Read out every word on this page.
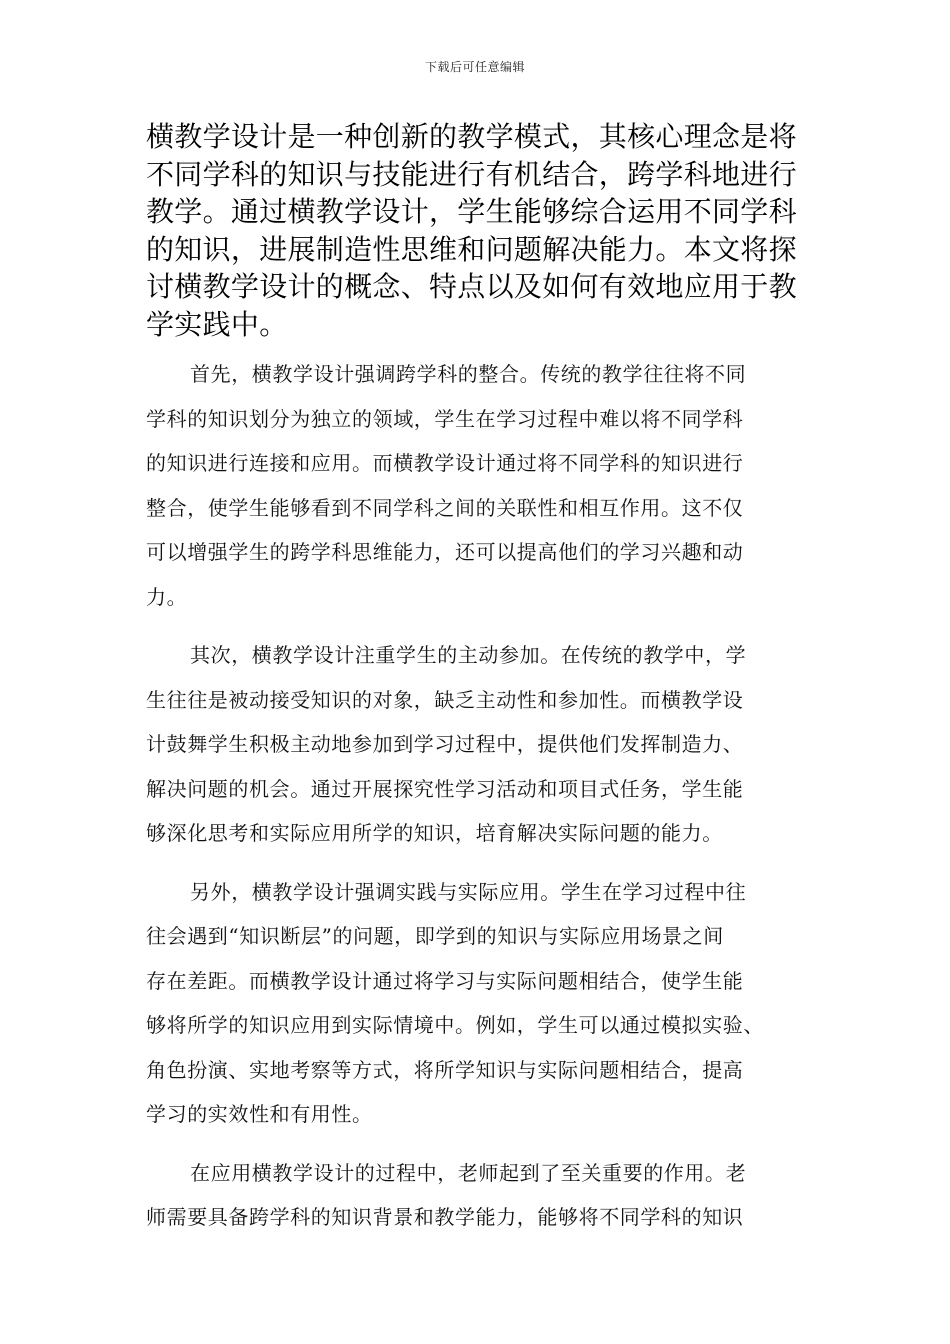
下载后可任意编辑
横教学设计是一种创新的教学模式，其核心理念是将
不同学科的知识与技能进行有机结合，跨学科地进行
教学。通过横教学设计，学生能够综合运用不同学科
的知识，进展制造性思维和问题解决能力。本文将探
讨横教学设计的概念、特点以及如何有效地应用于教
学实践中。
首先，横教学设计强调跨学科的整合。传统的教学往往将不同
学科的知识划分为独立的领域，学生在学习过程中难以将不同学科
的知识进行连接和应用。而横教学设计通过将不同学科的知识进行
整合，使学生能够看到不同学科之间的关联性和相互作用。这不仅
可以增强学生的跨学科思维能力，还可以提高他们的学习兴趣和动
力。
其次，横教学设计注重学生的主动参加。在传统的教学中，学
生往往是被动接受知识的对象，缺乏主动性和参加性。而横教学设
计鼓舞学生积极主动地参加到学习过程中，提供他们发挥制造力、
解决问题的机会。通过开展探究性学习活动和项目式任务，学生能
够深化思考和实际应用所学的知识，培育解决实际问题的能力。
另外，横教学设计强调实践与实际应用。学生在学习过程中往
往会遇到“知识断层”的问题，即学到的知识与实际应用场景之间
存在差距。而横教学设计通过将学习与实际问题相结合，使学生能
够将所学的知识应用到实际情境中。例如，学生可以通过模拟实验、
角色扮演、实地考察等方式，将所学知识与实际问题相结合，提高
学习的实效性和有用性。
在应用横教学设计的过程中，老师起到了至关重要的作用。老
师需要具备跨学科的知识背景和教学能力，能够将不同学科的知识
